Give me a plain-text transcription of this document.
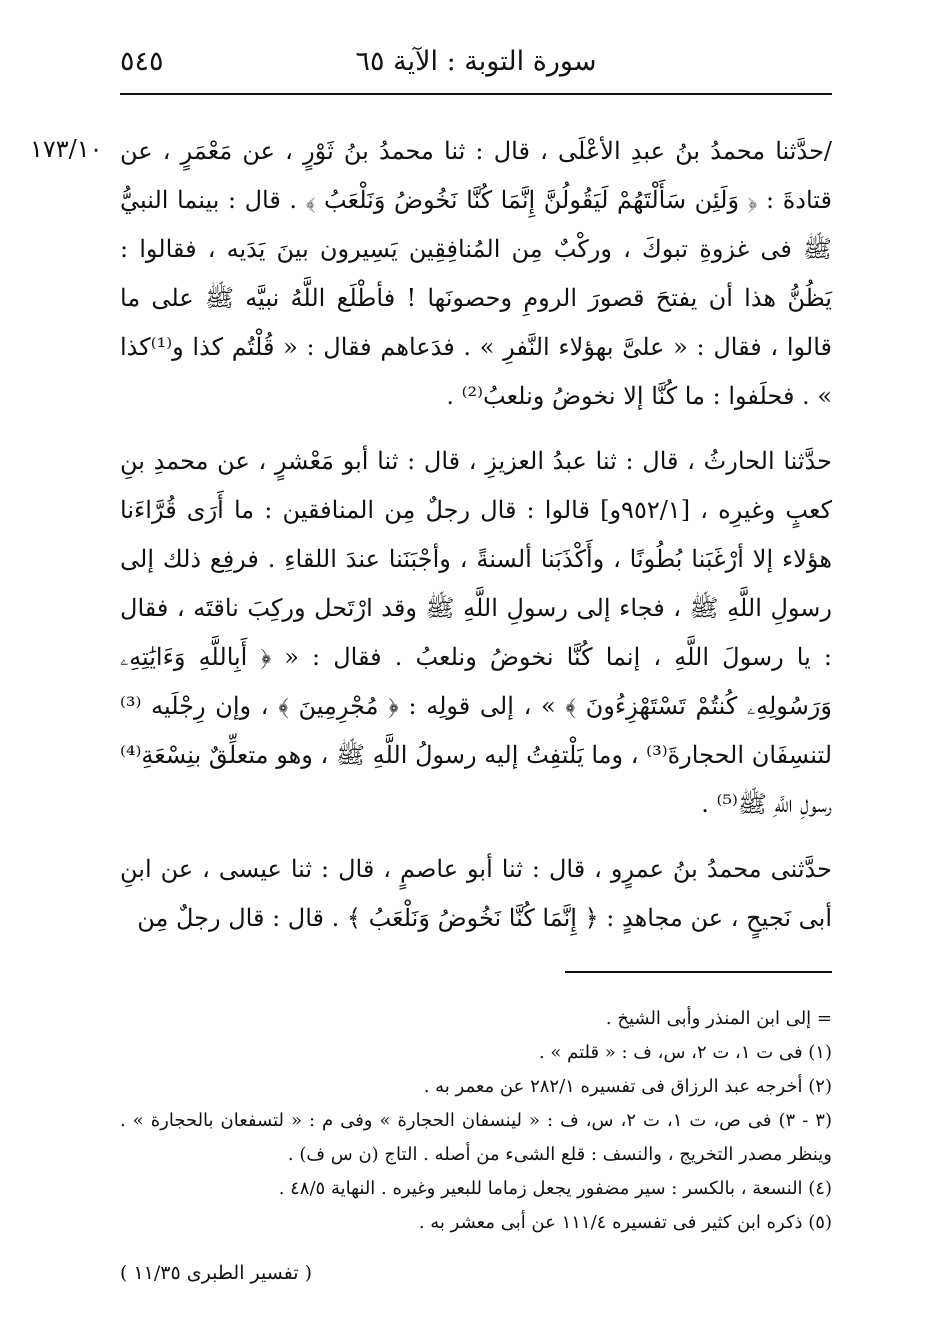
سورة التوبة : الآية ٦٥
٥٤٥
١٧٣/١٠ /حدَّثنا محمدُ بنُ عبدِ الأعْلَى ، قال : ثنا محمدُ بنُ ثَوْرٍ ، عن مَعْمَرٍ ، عن قتادةَ : ﴿ وَلَئِن سَأَلْتَهُمْ لَيَقُولُنَّ إِنَّمَا كُنَّا نَخُوضُ وَنَلْعَبُ ﴾ . قال : بينما النبيُّ ﷺ فى غزوةِ تبوكَ ، وركْبٌ مِن المُنافِقِين يَسِيرون بينَ يَدَيه ، فقالوا : يَظُنُّ هذا أن يفتحَ قصورَ الرومِ وحصونَها ! فأطْلَع اللَّهُ نبيَّه ﷺ على ما قالوا ، فقال : « علىَّ بهؤلاء النَّفرِ » . فدَعاهم فقال : « قُلْتُم كذا و⁽¹⁾كذا » . فحلَفوا : ما كُنَّا إلا نخوضُ ونلعبُ⁽²⁾ .

حدَّثنا الحارثُ ، قال : ثنا عبدُ العزيزِ ، قال : ثنا أبو مَعْشرٍ ، عن محمدِ بنِ كعبٍ وغيرِه ، [٩٥٢/١و] قالوا : قال رجلٌ مِن المنافقين : ما أَرَى قُرَّاءَنا هؤلاء إلا أرْغَبَنا بُطُونًا ، وأَكْذَبَنا ألسنةً ، وأجْبَنَنا عندَ اللقاءِ . فرفِع ذلك إلى رسولِ اللَّهِ ﷺ ، فجاء إلى رسولِ اللَّهِ ﷺ وقد ارْتَحل وركِبَ ناقتَه ، فقال : يا رسولَ اللَّهِ ، إنما كُنَّا نخوضُ ونلعبُ . فقال : « ﴿ أَبِاللَّهِ وَءَايَٰتِهِۦ وَرَسُولِهِۦ كُنتُمْ تَسْتَهْزِءُونَ ﴾ » ، إلى قولِه : ﴿ مُجْرِمِينَ ﴾ ، وإن رِجْلَيه ⁽³⁾لتنسِفَان الحجارةَ⁽³⁾ ، وما يَلْتفِتُ إليه رسولُ اللَّهِ ﷺ ، وهو متعلِّقٌ بنِسْعَةِ⁽⁴⁾ رسولِ اللَّهِ ﷺ⁽⁵⁾ .

حدَّثنى محمدُ بنُ عمرٍو ، قال : ثنا أبو عاصمٍ ، قال : ثنا عيسى ، عن ابنِ أبى نَجيحٍ ، عن مجاهدٍ : ﴿ إِنَّمَا كُنَّا نَخُوضُ وَنَلْعَبُ ﴾ . قال : قال رجلٌ مِن

= إلى ابن المنذر وأبى الشيخ .

(١) فى ت ١، ت ٢، س، ف : « قلتم » .

(٢) أخرجه عبد الرزاق فى تفسيره ٢٨٢/١ عن معمر به .

(٣ - ٣) فى ص، ت ١، ت ٢، س، ف : « لينسفان الحجارة » وفى م : « لتسفعان بالحجارة » . وينظر مصدر التخريج ، والنسف : قلع الشىء من أصله . التاج (ن س ف) .

(٤) النسعة ، بالكسر : سير مضفور يجعل زماما للبعير وغيره . النهاية ٤٨/٥ .

(٥) ذكره ابن كثير فى تفسيره ١١١/٤ عن أبى معشر به .

( تفسير الطبرى ١١/٣٥ )
